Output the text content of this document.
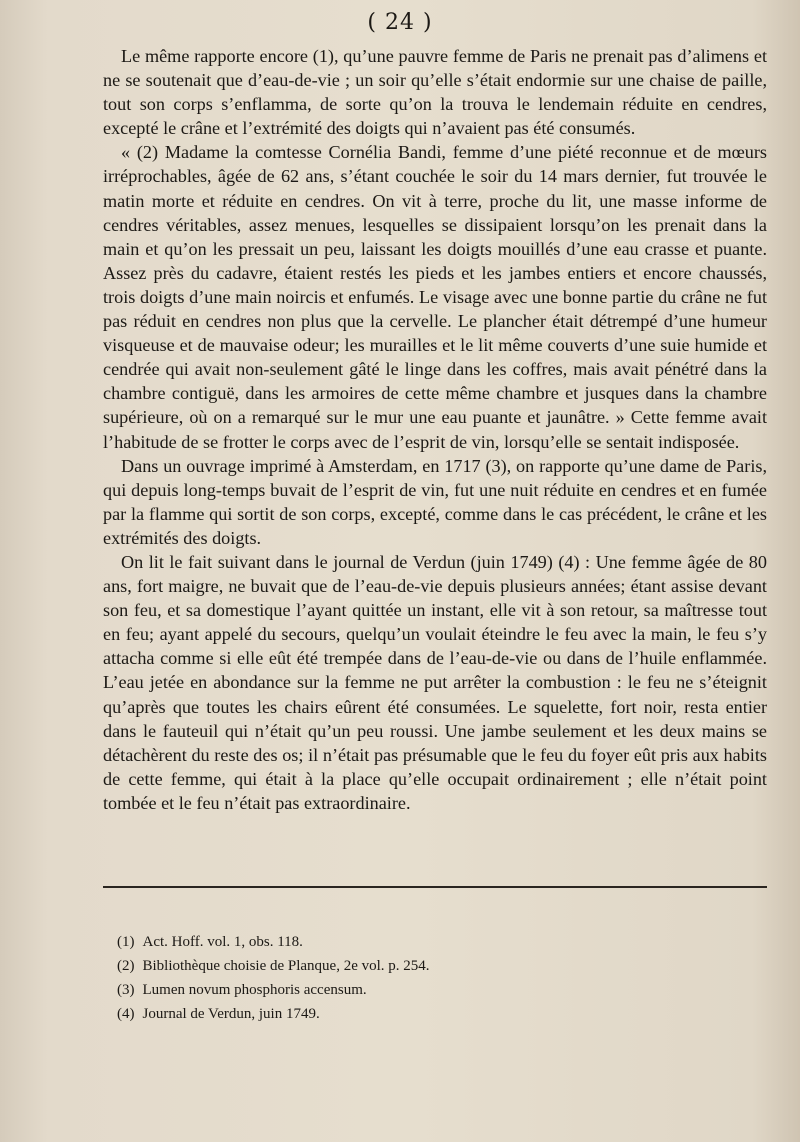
( 24 )

Le même rapporte encore (1), qu’une pauvre femme de Paris ne prenait pas d’alimens et ne se soutenait que d’eau-de-vie ; un soir qu’elle s’était endormie sur une chaise de paille, tout son corps s’enflamma, de sorte qu’on la trouva le lendemain réduite en cendres, excepté le crâne et l’extrémité des doigts qui n’avaient pas été consumés.

« (2) Madame la comtesse Cornélia Bandi, femme d’une piété reconnue et de mœurs irréprochables, âgée de 62 ans, s’étant couchée le soir du 14 mars dernier, fut trouvée le matin morte et réduite en cendres. On vit à terre, proche du lit, une masse informe de cendres véritables, assez menues, lesquelles se dissipaient lorsqu’on les prenait dans la main et qu’on les pressait un peu, laissant les doigts mouillés d’une eau crasse et puante. Assez près du cadavre, étaient restés les pieds et les jambes entiers et encore chaussés, trois doigts d’une main noircis et enfumés. Le visage avec une bonne partie du crâne ne fut pas réduit en cendres non plus que la cervelle. Le plancher était détrempé d’une humeur visqueuse et de mauvaise odeur; les murailles et le lit même couverts d’une suie humide et cendrée qui avait non-seulement gâté le linge dans les coffres, mais avait pénétré dans la chambre contiguë, dans les armoires de cette même chambre et jusques dans la chambre supérieure, où on a remarqué sur le mur une eau puante et jaunâtre. » Cette femme avait l’habitude de se frotter le corps avec de l’esprit de vin, lorsqu’elle se sentait indisposée.

Dans un ouvrage imprimé à Amsterdam, en 1717 (3), on rapporte qu’une dame de Paris, qui depuis long-temps buvait de l’esprit de vin, fut une nuit réduite en cendres et en fumée par la flamme qui sortit de son corps, excepté, comme dans le cas précédent, le crâne et les extrémités des doigts.

On lit le fait suivant dans le journal de Verdun (juin 1749) (4) : Une femme âgée de 80 ans, fort maigre, ne buvait que de l’eau-de-vie depuis plusieurs années; étant assise devant son feu, et sa domestique l’ayant quittée un instant, elle vit à son retour, sa maîtresse tout en feu; ayant appelé du secours, quelqu’un voulait éteindre le feu avec la main, le feu s’y attacha comme si elle eût été trempée dans de l’eau-de-vie ou dans de l’huile enflammée. L’eau jetée en abondance sur la femme ne put arrêter la combustion : le feu ne s’éteignit qu’après que toutes les chairs eûrent été consumées. Le squelette, fort noir, resta entier dans le fauteuil qui n’était qu’un peu roussi. Une jambe seulement et les deux mains se détachèrent du reste des os; il n’était pas présumable que le feu du foyer eût pris aux habits de cette femme, qui était à la place qu’elle occupait ordinairement ; elle n’était point tombée et le feu n’était pas extraordinaire.

(1) Act. Hoff. vol. 1, obs. 118.
(2) Bibliothèque choisie de Planque, 2e vol. p. 254.
(3) Lumen novum phosphoris accensum.
(4) Journal de Verdun, juin 1749.
